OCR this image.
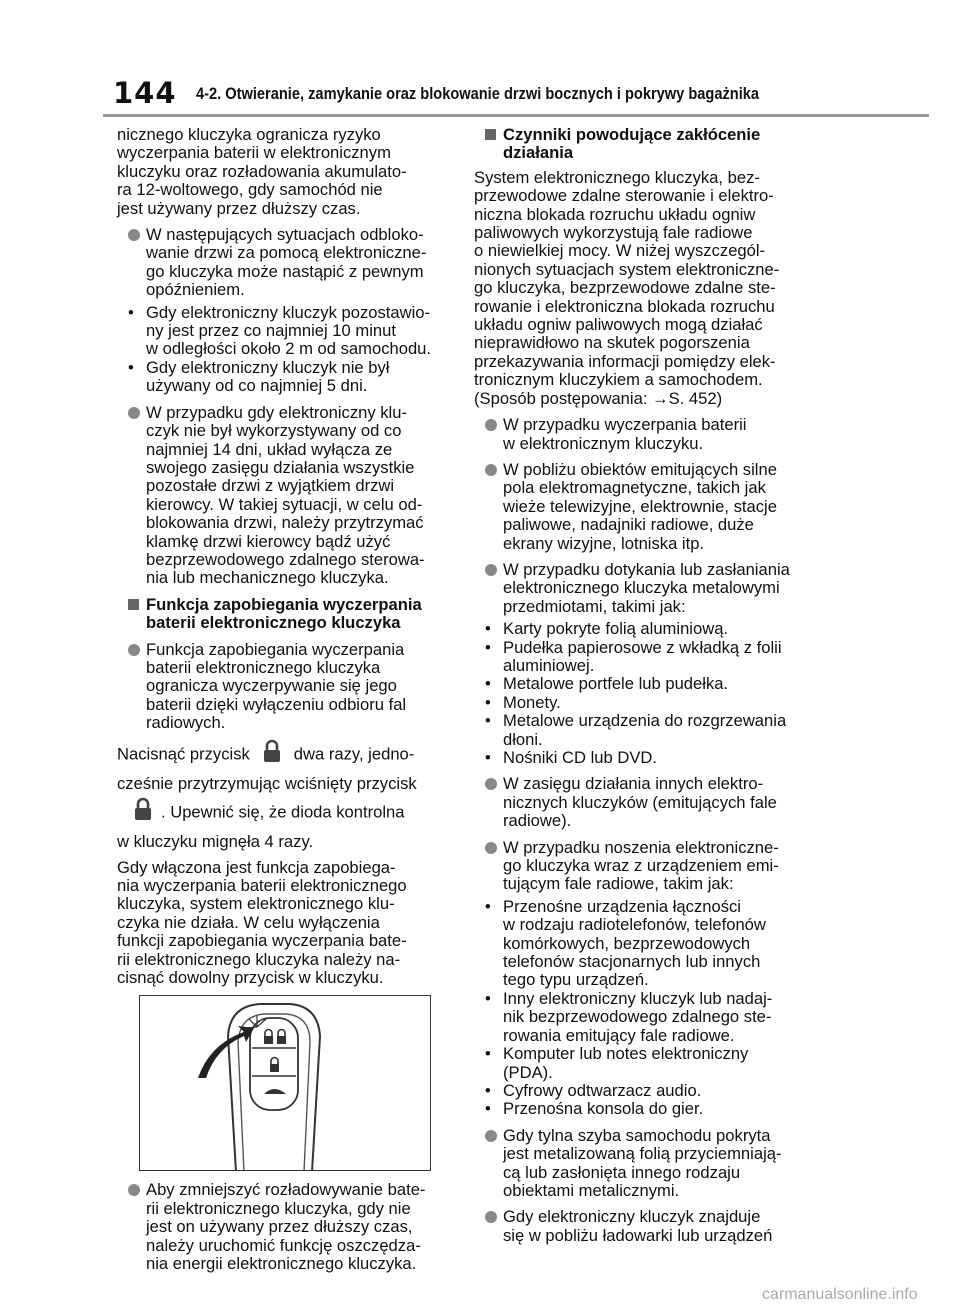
144 4-2. Otwieranie, zamykanie oraz blokowanie drzwi bocznych i pokrywy bagażnika

nicznego kluczyka ogranicza ryzyko

wyczerpania baterii w elektronicznym

kluczyku oraz rozładowania akumulato-

ra 12-woltowego, gdy samochód nie

jest używany przez dłuższy czas.

W następujących sytuacjach odbloko-

wanie drzwi za pomocą elektroniczne-

go kluczyka może nastąpić z pewnym

opóźnieniem.

• Gdy elektroniczny kluczyk pozostawio-

ny jest przez co najmniej 10 minut

w odległości około 2 m od samochodu.

• Gdy elektroniczny kluczyk nie był

używany od co najmniej 5 dni.

W przypadku gdy elektroniczny klu-

czyk nie był wykorzystywany od co

najmniej 14 dni, układ wyłącza ze

swojego zasięgu działania wszystkie

pozostałe drzwi z wyjątkiem drzwi

kierowcy. W takiej sytuacji, w celu od-

blokowania drzwi, należy przytrzymać

klamkę drzwi kierowcy bądź użyć

bezprzewodowego zdalnego sterowa-

nia lub mechanicznego kluczyka.

Funkcja zapobiegania wyczerpania

baterii elektronicznego kluczyka

Funkcja zapobiegania wyczerpania

baterii elektronicznego kluczyka

ogranicza wyczerpywanie się jego

baterii dzięki wyłączeniu odbioru fal

radiowych.

Nacisnąć przycisk	dwa razy, jedno-

cześnie przytrzymując wciśnięty przycisk

. Upewnić się, że dioda kontrolna

w kluczyku mignęła 4 razy.

Gdy włączona jest funkcja zapobiega-

nia wyczerpania baterii elektronicznego

kluczyka, system elektronicznego klu-

czyka nie działa. W celu wyłączenia

funkcji zapobiegania wyczerpania bate-

rii elektronicznego kluczyka należy na-

cisnąć dowolny przycisk w kluczyku.

Aby zmniejszyć rozładowywanie bate-

rii elektronicznego kluczyka, gdy nie

jest on używany przez dłuższy czas,

należy uruchomić funkcję oszczędza-

nia energii elektronicznego kluczyka.

Czynniki powodujące zakłócenie

działania

System elektronicznego kluczyka, bez-

przewodowe zdalne sterowanie i elektro-

niczna blokada rozruchu układu ogniw

paliwowych wykorzystują fale radiowe

o niewielkiej mocy. W niżej wyszczegól-

nionych sytuacjach system elektroniczne-

go kluczyka, bezprzewodowe zdalne ste-

rowanie i elektroniczna blokada rozruchu

układu ogniw paliwowych mogą działać

nieprawidłowo na skutek pogorszenia

przekazywania informacji pomiędzy elek-

tronicznym kluczykiem a samochodem.

(Sposób postępowania: →S. 452)

W przypadku wyczerpania baterii

w elektronicznym kluczyku.

W pobliżu obiektów emitujących silne

pola elektromagnetyczne, takich jak

wieże telewizyjne, elektrownie, stacje

paliwowe, nadajniki radiowe, duże

ekrany wizyjne, lotniska itp.

W przypadku dotykania lub zasłaniania

elektronicznego kluczyka metalowymi

przedmiotami, takimi jak:

• Karty pokryte folią aluminiową.

• Pudełka papierosowe z wkładką z folii

aluminiowej.

• Metalowe portfele lub pudełka.

• Monety.

• Metalowe urządzenia do rozgrzewania

dłoni.

• Nośniki CD lub DVD.

W zasięgu działania innych elektro-

nicznych kluczyków (emitujących fale

radiowe).

W przypadku noszenia elektroniczne-

go kluczyka wraz z urządzeniem emi-

tującym fale radiowe, takim jak:

• Przenośne urządzenia łączności

w rodzaju radiotelefonów, telefonów

komórkowych, bezprzewodowych

telefonów stacjonarnych lub innych

tego typu urządzeń.

• Inny elektroniczny kluczyk lub nadaj-

nik bezprzewodowego zdalnego ste-

rowania emitujący fale radiowe.

• Komputer lub notes elektroniczny

(PDA).

• Cyfrowy odtwarzacz audio.

• Przenośna konsola do gier.

Gdy tylna szyba samochodu pokryta

jest metalizowaną folią przyciemniają-

cą lub zasłonięta innego rodzaju

obiektami metalicznymi.

Gdy elektroniczny kluczyk znajduje

się w pobliżu ładowarki lub urządzeń

carmanualsonline.info
